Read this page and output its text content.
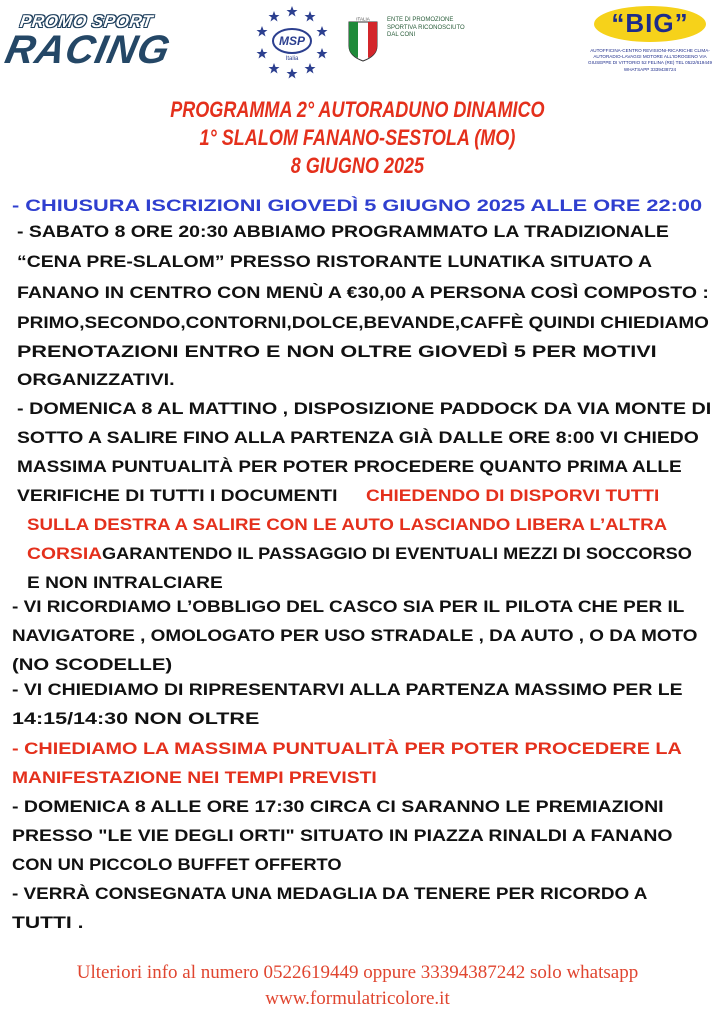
PROMO SPORT
RACING	MSP
Italia
ITALIA	ENTE DI PROMOZIONE SPORTIVA RICONOSCIUTO DAL CONI	“BIG”
AUTOFFICINA-CENTRO REVISIONI-RICARICHE CLIMA-AUTORADIO-LAVAGGI MOTORE ALL'IDROGENO VIA GIUSEPPE DI VITTORIO 52 FELINA (RE) TEL 0522/619449 WHATSAPP 3339438724
PROGRAMMA 2° AUTORADUNO DINAMICO
1° SLALOM FANANO-SESTOLA (MO)
8 GIUGNO 2025
- CHIUSURA ISCRIZIONI GIOVEDÌ 5 GIUGNO 2025 ALLE ORE 22:00
- SABATO 8 ORE 20:30 ABBIAMO PROGRAMMATO LA TRADIZIONALE
“CENA PRE-SLALOM” PRESSO RISTORANTE LUNATIKA SITUATO A
FANANO IN CENTRO CON MENÙ A €30,00 A PERSONA COSÌ COMPOSTO :
PRIMO,SECONDO,CONTORNI,DOLCE,BEVANDE,CAFFÈ QUINDI CHIEDIAMO
PRENOTAZIONI ENTRO E NON OLTRE GIOVEDÌ 5 PER MOTIVI
ORGANIZZATIVI.
- DOMENICA 8 AL MATTINO , DISPOSIZIONE PADDOCK DA VIA MONTE DI
SOTTO A SALIRE FINO ALLA PARTENZA GIÀ DALLE ORE 8:00 VI CHIEDO
MASSIMA PUNTUALITÀ PER POTER PROCEDERE QUANTO PRIMA ALLE
VERIFICHE DI TUTTI I DOCUMENTI CHIEDENDO DI DISPORVI TUTTI
SULLA DESTRA A SALIRE CON LE AUTO LASCIANDO LIBERA L’ALTRA
CORSIA GARANTENDO IL PASSAGGIO DI EVENTUALI MEZZI DI SOCCORSO
E NON INTRALCIARE
- VI RICORDIAMO L’OBBLIGO DEL CASCO SIA PER IL PILOTA CHE PER IL
NAVIGATORE , OMOLOGATO PER USO STRADALE , DA AUTO , O DA MOTO
(NO SCODELLE)
- VI CHIEDIAMO DI RIPRESENTARVI ALLA PARTENZA MASSIMO PER LE
14:15/14:30 NON OLTRE
- CHIEDIAMO LA MASSIMA PUNTUALITÀ PER POTER PROCEDERE LA
MANIFESTAZIONE NEI TEMPI PREVISTI
- DOMENICA 8 ALLE ORE 17:30 CIRCA CI SARANNO LE PREMIAZIONI
PRESSO "LE VIE DEGLI ORTI" SITUATO IN PIAZZA RINALDI A FANANO
CON UN PICCOLO BUFFET OFFERTO
- VERRÀ CONSEGNATA UNA MEDAGLIA DA TENERE PER RICORDO A
TUTTI .
Ulteriori info al numero 0522619449 oppure 33394387242 solo whatsapp
www.formulatricolore.it
